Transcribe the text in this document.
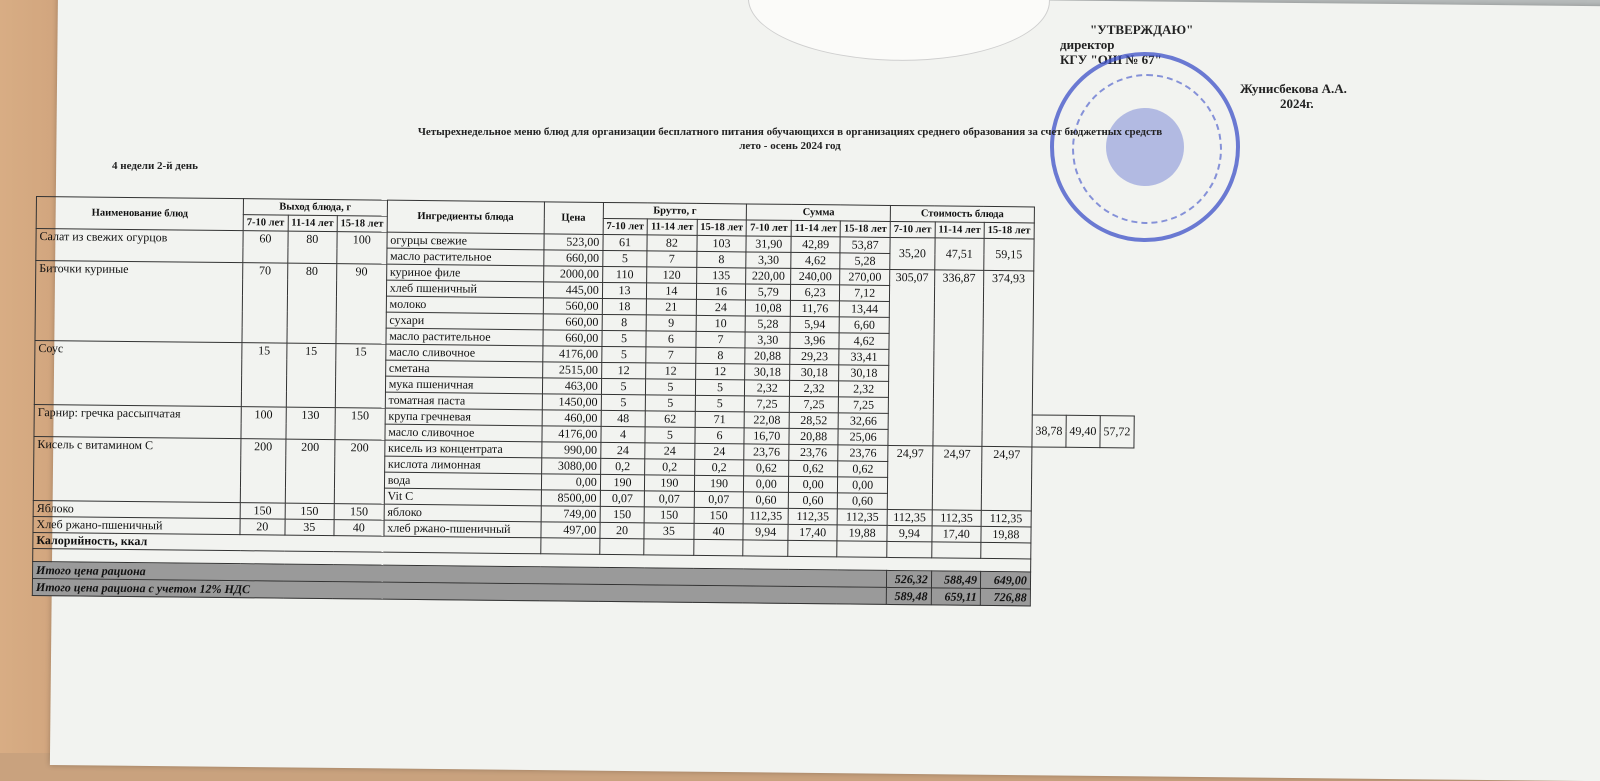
"УТВЕРЖДАЮ"
директор
КГУ "ОШ № 67"
Жунисбекова А.А.
2024г.
Четырехнедельное меню блюд для организации бесплатного питания обучающихся в организациях среднего образования за счет бюджетных средств
лето - осень 2024 год
4 недели 2-й день
Наименование блюд	Выход блюда, г			Ингредиенты блюда	Цена	Брутто, г			Сумма			Стоимость блюда					
	7-10 лет	11-14 лет	15-18 лет			7-10 лет	11-14 лет	15-18 лет	7-10 лет	11-14 лет	15-18 лет	7-10 лет	11-14 лет	15-18 лет			
Салат из свежих огурцов	60	80	100	огурцы свежие	523,00	61	82	103	31,90	42,89	53,87	35,20	47,51	59,15			
				масло растительное	660,00	5	7	8	3,30	4,62	5,28						
Биточки куриные	70	80	90	куриное филе	2000,00	110	120	135	220,00	240,00	270,00	305,07	336,87	374,93			
				хлеб пшеничный	445,00	13	14	16	5,79	6,23	7,12						
				молоко	560,00	18	21	24	10,08	11,76	13,44						
				сухари	660,00	8	9	10	5,28	5,94	6,60						
				масло растительное	660,00	5	6	7	3,30	3,96	4,62						
Соус	15	15	15	масло сливочное	4176,00	5	7	8	20,88	29,23	33,41						
				сметана	2515,00	12	12	12	30,18	30,18	30,18						
				мука пшеничная	463,00	5	5	5	2,32	2,32	2,32						
				томатная паста	1450,00	5	5	5	7,25	7,25	7,25						
Гарнир: гречка рассыпчатая	100	130	150	крупа гречневая	460,00	48	62	71	22,08	28,52	32,66				38,78	49,40	57,72
				масло сливочное	4176,00	4	5	6	16,70	20,88	25,06						
Кисель с витамином С	200	200	200	кисель из концентрата	990,00	24	24	24	23,76	23,76	23,76	24,97	24,97	24,97			
				кислота лимонная	3080,00	0,2	0,2	0,2	0,62	0,62	0,62						
				вода	0,00	190	190	190	0,00	0,00	0,00						
				Vit C	8500,00	0,07	0,07	0,07	0,60	0,60	0,60						
Яблоко	150	150	150	яблоко	749,00	150	150	150	112,35	112,35	112,35	112,35	112,35	112,35			
Хлеб ржано-пшеничный	20	35	40	хлеб ржано-пшеничный	497,00	20	35	40	9,94	17,40	19,88	9,94	17,40	19,88			
Калорийность, ккал																	

Итого цена рациона												526,32	588,49	649,00			
Итого цена рациона с учетом 12% НДС												589,48	659,11	726,88			
